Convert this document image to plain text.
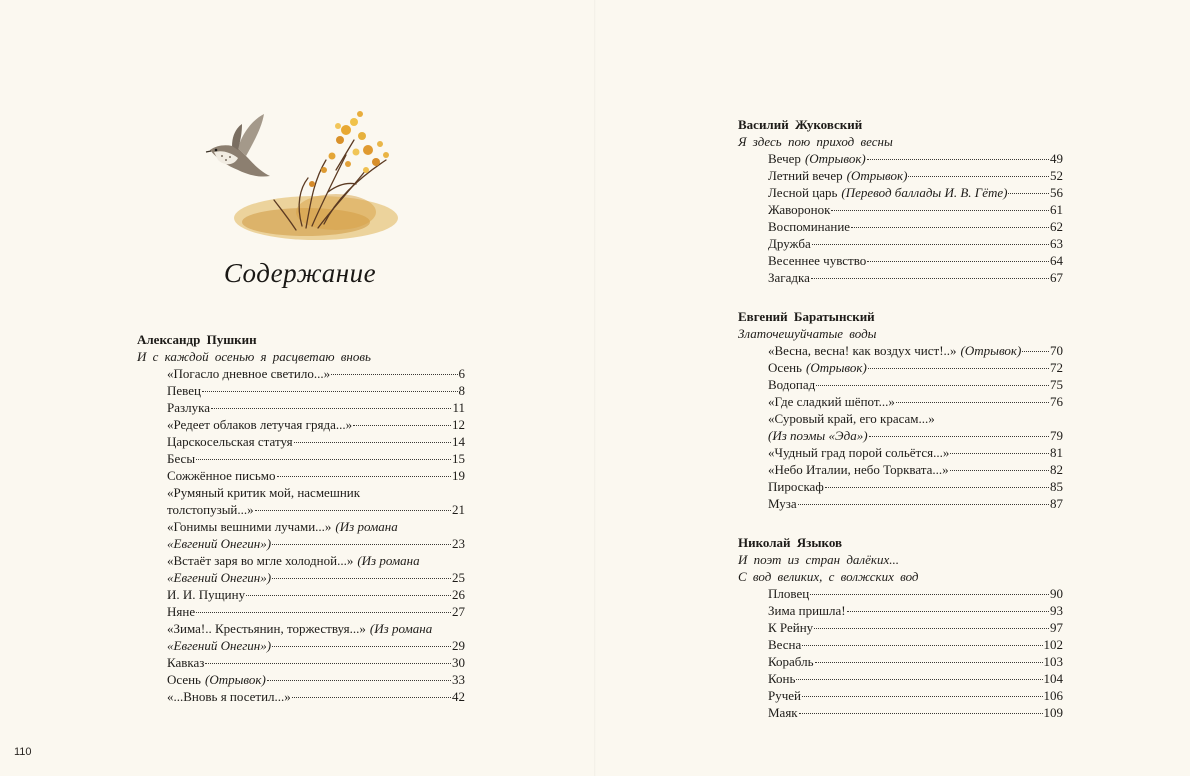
Содержание
Александр Пушкин
И с каждой осенью я расцветаю вновь
«Погасло дневное светило...»	6
Певец	8
Разлука	11
«Редеет облаков летучая гряда...»	12
Царскосельская статуя	14
Бесы	15
Сожжённое письмо	19
«Румяный критик мой, насмешник
толстопузый...»	21
«Гонимы вешними лучами...» (Из романа
«Евгений Онегин»)	23
«Встаёт заря во мгле холодной...» (Из романа
«Евгений Онегин»)	25
И. И. Пущину	26
Няне	27
«Зима!.. Крестьянин, торжествуя...» (Из романа
«Евгений Онегин»)	29
Кавказ	30
Осень (Отрывок)	33
«...Вновь я посетил...»	42
Василий Жуковский
Я здесь пою приход весны
Вечер (Отрывок)	49
Летний вечер (Отрывок)	52
Лесной царь (Перевод баллады И. В. Гёте)	56
Жаворонок	61
Воспоминание	62
Дружба	63
Весеннее чувство	64
Загадка	67
Евгений Баратынский
Златочешуйчатые воды
«Весна, весна! как воздух чист!..» (Отрывок) 70
Осень (Отрывок)	72
Водопад	75
«Где сладкий шёпот...»	76
«Суровый край, его красам...»
(Из поэмы «Эда»)	79
«Чудный град порой сольётся...»	81
«Небо Италии, небо Торквата...»	82
Пироскаф	85
Муза	87
Николай Языков
И поэт из стран далёких...
С вод великих, с волжских вод
Пловец	90
Зима пришла!	93
К Рейну	97
Весна	102
Корабль	103
Конь	104
Ручей	106
Маяк	109
110
